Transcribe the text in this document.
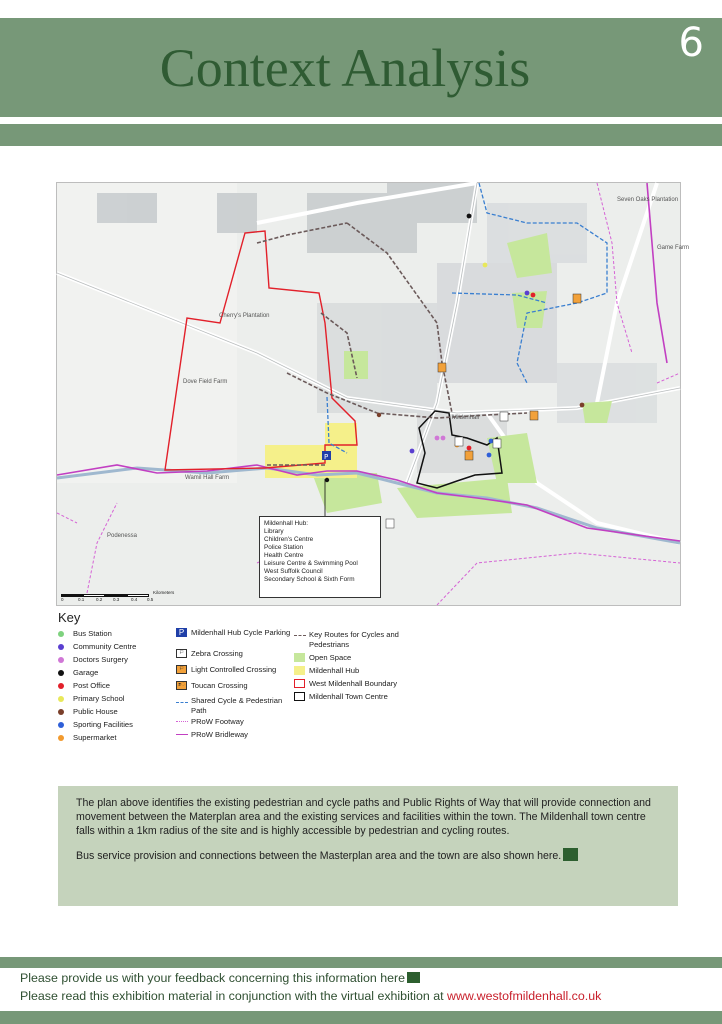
Context Analysis	6
P
Mildenhall
Dove Field Farm
Wamil Hall Farm
Cherry's Plantation
Seven Oaks Plantation
Podenessa
Game Farm
Mildenhall Hub:
Library
Children's Centre
Police Station
Health Centre
Leisure Centre & Swimming Pool
West Suffolk Council
Secondary School & Sixth Form
0	0.1	0.2 0.3	0.4 0.5
Kilometers
Key
Bus Station
Community Centre
Doctors Surgery
Garage
Post Office
Primary School
Public House
Sporting Facilities
Supermarket
P Mildenhall Hub Cycle Parking
⚐ Zebra Crossing
⚐ Light Controlled Crossing
ෙ Toucan Crossing
Shared Cycle & Pedestrian Path
PRoW Footway
PRoW Bridleway
Key Routes for Cycles and Pedestrians
Open Space
Mildenhall Hub
West Mildenhall Boundary
Mildenhall Town Centre

The plan above identifies the existing pedestrian and cycle paths and Public Rights of Way that will provide connection and movement between the Materplan area and the existing services and facilities within the town. The Mildenhall town centre falls within a 1km radius of the site and is highly accessible by pedestrian and cycling routes.

Bus service provision and connections between the Masterplan area and the town are also shown here.

Please provide us with your feedback concerning this information here
Please read this exhibition material in conjunction with the virtual exhibition at www.westofmildenhall.co.uk
